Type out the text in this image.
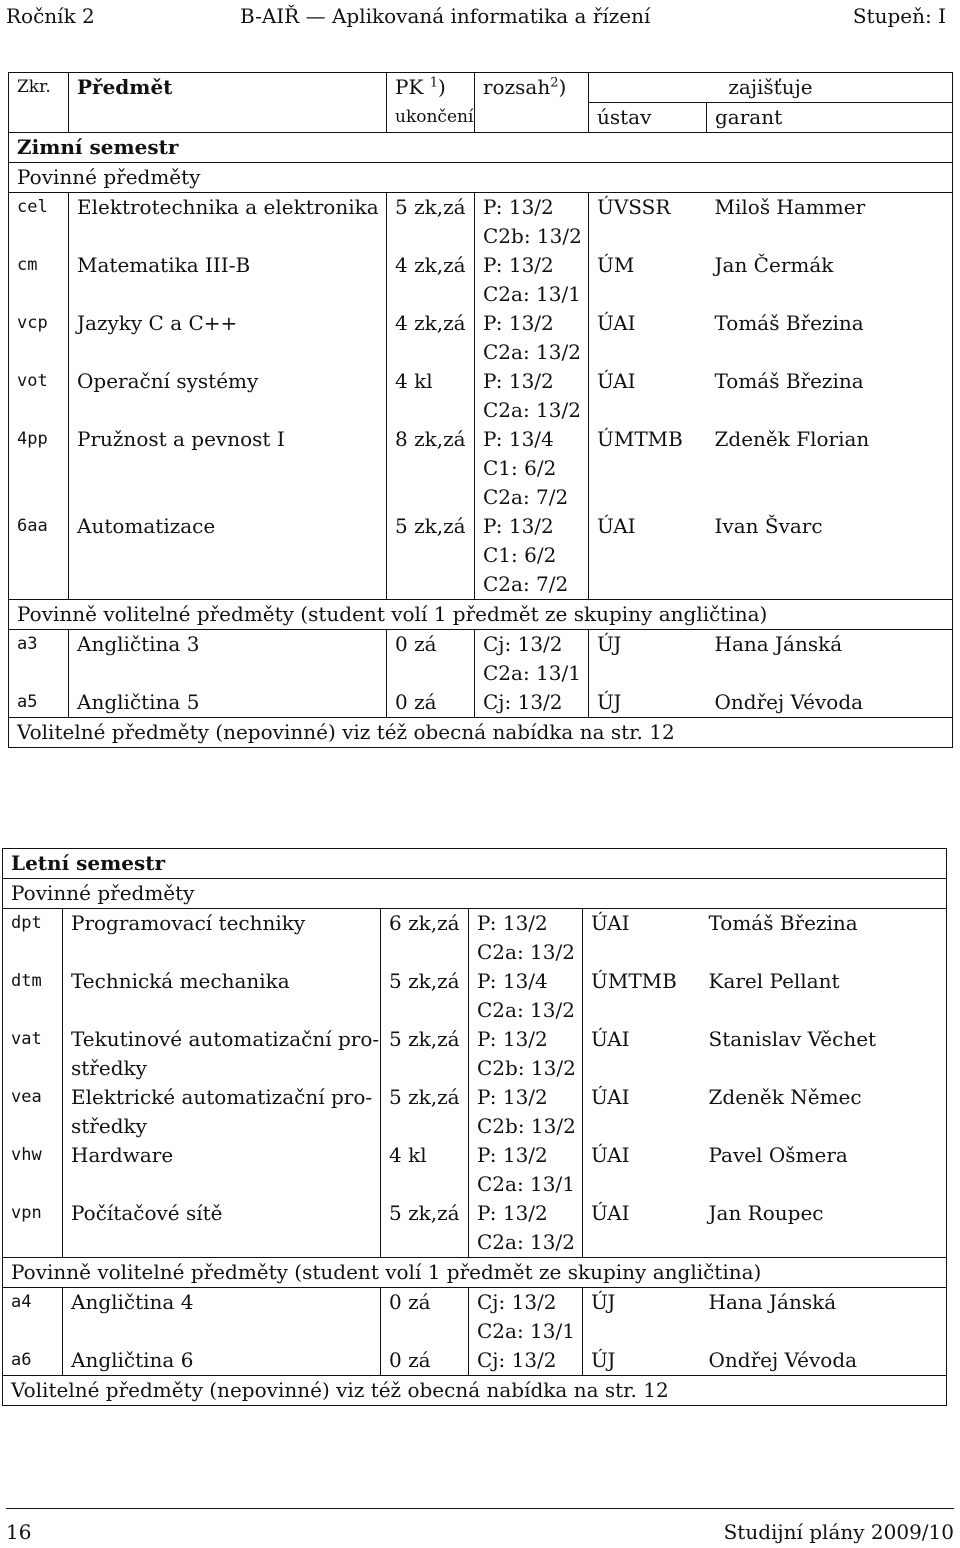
Ročník 2	B-AIŘ — Aplikovaná informatika a řízení	Stupeň: I
Zkr.	Předmět	PK $^1$)	rozsah$^2$)	zajišťuje	
		ukončení		ústav	garant
Zimní semestr					
Povinné předměty					
cel	Elektrotechnika a elektronika	5 zk,zá	P: 13/2	ÚVSSR	Miloš Hammer
			C2b: 13/2		
cm	Matematika III-B	4 zk,zá	P: 13/2	ÚM	Jan Čermák
			C2a: 13/1		
vcp	Jazyky C a C++	4 zk,zá	P: 13/2	ÚAI	Tomáš Březina
			C2a: 13/2		
vot	Operační systémy	4 kl	P: 13/2	ÚAI	Tomáš Březina
			C2a: 13/2		
4pp	Pružnost a pevnost I	8 zk,zá	P: 13/4	ÚMTMB	Zdeněk Florian
			C1: 6/2		
			C2a: 7/2		
6aa	Automatizace	5 zk,zá	P: 13/2	ÚAI	Ivan Švarc
			C1: 6/2		
			C2a: 7/2		
Povinně volitelné předměty (student volí 1 předmět ze skupiny angličtina)					
a3	Angličtina 3	0 zá	Cj: 13/2	ÚJ	Hana Jánská
			C2a: 13/1		
a5	Angličtina 5	0 zá	Cj: 13/2	ÚJ	Ondřej Vévoda
Volitelné předměty (nepovinné) viz též obecná nabídka na str. 12					
Letní semestr					
Povinné předměty					
dpt	Programovací techniky	6 zk,zá	P: 13/2	ÚAI	Tomáš Březina
			C2a: 13/2		
dtm	Technická mechanika	5 zk,zá	P: 13/4	ÚMTMB	Karel Pellant
			C2a: 13/2		
vat	Tekutinové automatizační pro-	5 zk,zá	P: 13/2	ÚAI	Stanislav Věchet
	středky		C2b: 13/2		
vea	Elektrické automatizační pro-	5 zk,zá	P: 13/2	ÚAI	Zdeněk Němec
	středky		C2b: 13/2		
vhw	Hardware	4 kl	P: 13/2	ÚAI	Pavel Ošmera
			C2a: 13/1		
vpn	Počítačové sítě	5 zk,zá	P: 13/2	ÚAI	Jan Roupec
			C2a: 13/2		
Povinně volitelné předměty (student volí 1 předmět ze skupiny angličtina)					
a4	Angličtina 4	0 zá	Cj: 13/2	ÚJ	Hana Jánská
			C2a: 13/1		
a6	Angličtina 6	0 zá	Cj: 13/2	ÚJ	Ondřej Vévoda
Volitelné předměty (nepovinné) viz též obecná nabídka na str. 12					
16	Studijní plány 2009/10
